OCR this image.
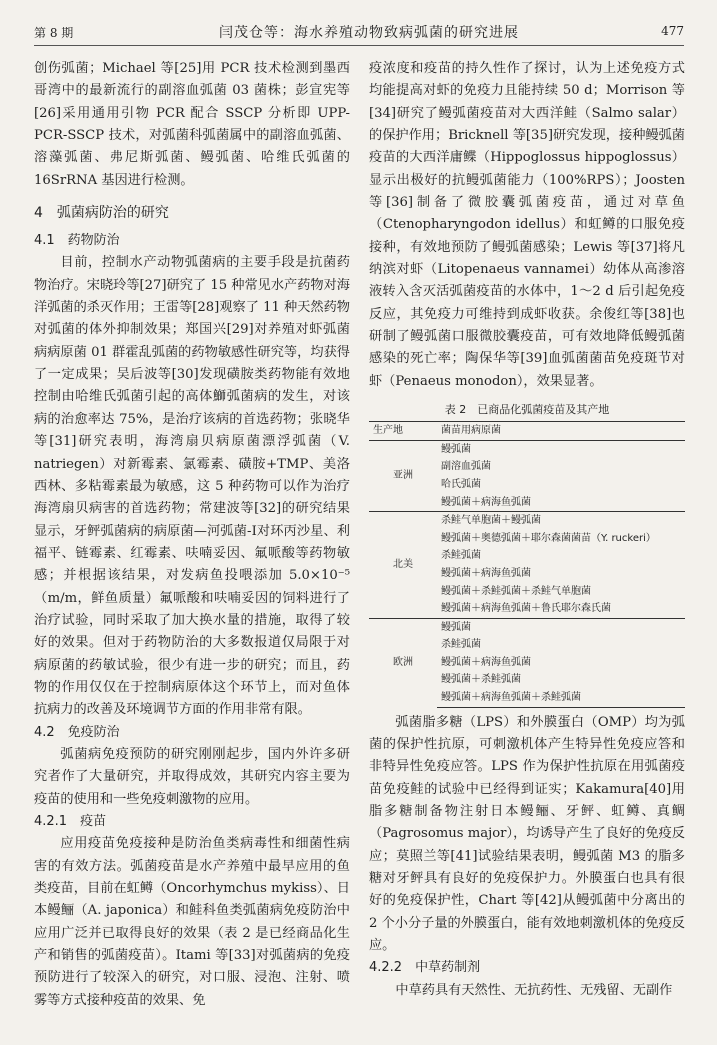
第 8 期	闫茂仓等：海水养殖动物致病弧菌的研究进展	477

创伤弧菌；Michael 等[25]用 PCR 技术检测到墨西哥湾中的最新流行的副溶血弧菌 03 菌株；彭宣宪等[26]采用通用引物 PCR 配合 SSCP 分析即 UPP-PCR-SSCP 技术，对弧菌科弧菌属中的副溶血弧菌、溶藻弧菌、弗尼斯弧菌、鳗弧菌、哈维氏弧菌的 16SrRNA 基因进行检测。

4　弧菌病防治的研究
4.1　药物防治

目前，控制水产动物弧菌病的主要手段是抗菌药物治疗。宋晓玲等[27]研究了 15 种常见水产药物对海洋弧菌的杀灭作用；王雷等[28]观察了 11 种天然药物对弧菌的体外抑制效果；郑国兴[29]对养殖对虾弧菌病病原菌 01 群霍乱弧菌的药物敏感性研究等，均获得了一定成果；吴后波等[30]发现磺胺类药物能有效地控制由哈维氏弧菌引起的高体鰤弧菌病的发生，对该病的治愈率达 75%，是治疗该病的首选药物；张晓华等[31]研究表明，海湾扇贝病原菌漂浮弧菌（V. natriegen）对新霉素、氯霉素、磺胺+TMP、美洛西林、多粘霉素最为敏感，这 5 种药物可以作为治疗海湾扇贝病害的首选药物；常建波等[32]的研究结果显示，牙鲆弧菌病的病原菌—河弧菌-Ⅰ对环丙沙星、利福平、链霉素、红霉素、呋喃妥因、氟哌酸等药物敏感；并根据该结果，对发病鱼投喂添加 5.0×10⁻⁵（m/m，鲜鱼质量）氟哌酸和呋喃妥因的饲料进行了治疗试验，同时采取了加大换水量的措施，取得了较好的效果。但对于药物防治的大多数报道仅局限于对病原菌的药敏试验，很少有进一步的研究；而且，药物的作用仅仅在于控制病原体这个环节上，而对鱼体抗病力的改善及环境调节方面的作用非常有限。

4.2　免疫防治

弧菌病免疫预防的研究刚刚起步，国内外许多研究者作了大量研究，并取得成效，其研究内容主要为疫苗的使用和一些免疫刺激物的应用。

4.2.1　疫苗

应用疫苗免疫接种是防治鱼类病毒性和细菌性病害的有效方法。弧菌疫苗是水产养殖中最早应用的鱼类疫苗，目前在虹鳟（Oncorhymchus mykiss）、日本鳗鲡（A. japonica）和鲑科鱼类弧菌病免疫防治中应用广泛并已取得良好的效果（表 2 是已经商品化生产和销售的弧菌疫苗）。Itami 等[33]对弧菌病的免疫预防进行了较深入的研究，对口服、浸泡、注射、喷雾等方式接种疫苗的效果、免

疫浓度和疫苗的持久性作了探讨，认为上述免疫方式均能提高对虾的免疫力且能持续 50 d；Morrison 等[34]研究了鳗弧菌疫苗对大西洋鲑（Salmo salar）的保护作用；Bricknell 等[35]研究发现，接种鳗弧菌疫苗的大西洋庸鲽（Hippoglossus hippoglossus）显示出极好的抗鳗弧菌能力（100%RPS）；Joosten 等[36]制备了微胶囊弧菌疫苗，通过对草鱼（Ctenopharyngodon idellus）和虹鳟的口服免疫接种，有效地预防了鳗弧菌感染；Lewis 等[37]将凡纳滨对虾（Litopenaeus vannamei）幼体从高渗溶液转入含灭活弧菌疫苗的水体中，1～2 d 后引起免疫反应，其免疫力可维持到成虾收获。余俊红等[38]也研制了鳗弧菌口服微胶囊疫苗，可有效地降低鳗弧菌感染的死亡率；陶保华等[39]血弧菌菌苗免疫斑节对虾（Penaeus monodon），效果显著。

表 2　已商品化弧菌疫苗及其产地
生产地	菌苗用病原菌
亚洲	鳗弧菌
	副溶血弧菌
	哈氏弧菌
	鳗弧菌＋病海鱼弧菌
北美	杀鲑气单胞菌＋鳗弧菌
	鳗弧菌＋奥德弧菌＋耶尔森菌菌苗（Y. ruckeri）
	杀鲑弧菌
	鳗弧菌＋病海鱼弧菌
	鳗弧菌＋杀鲑弧菌＋杀鲑气单胞菌
	鳗弧菌＋病海鱼弧菌＋鲁氏耶尔森氏菌
欧洲	鳗弧菌
	杀鲑弧菌
	鳗弧菌＋病海鱼弧菌
	鳗弧菌＋杀鲑弧菌
	鳗弧菌＋病海鱼弧菌＋杀鲑弧菌

弧菌脂多糖（LPS）和外膜蛋白（OMP）均为弧菌的保护性抗原，可刺激机体产生特异性免疫应答和非特异性免疫应答。LPS 作为保护性抗原在用弧菌疫苗免疫鲑的试验中已经得到证实；Kakamura[40]用脂多糖制备物注射日本鳗鲡、牙鲆、虹鳟、真鲷（Pagrosomus major），均诱导产生了良好的免疫反应；莫照兰等[41]试验结果表明，鳗弧菌 M3 的脂多糖对牙鲆具有良好的免疫保护力。外膜蛋白也具有很好的免疫保护性，Chart 等[42]从鳗弧菌中分离出的 2 个小分子量的外膜蛋白，能有效地刺激机体的免疫反应。

4.2.2　中草药制剂

中草药具有天然性、无抗药性、无残留、无副作
